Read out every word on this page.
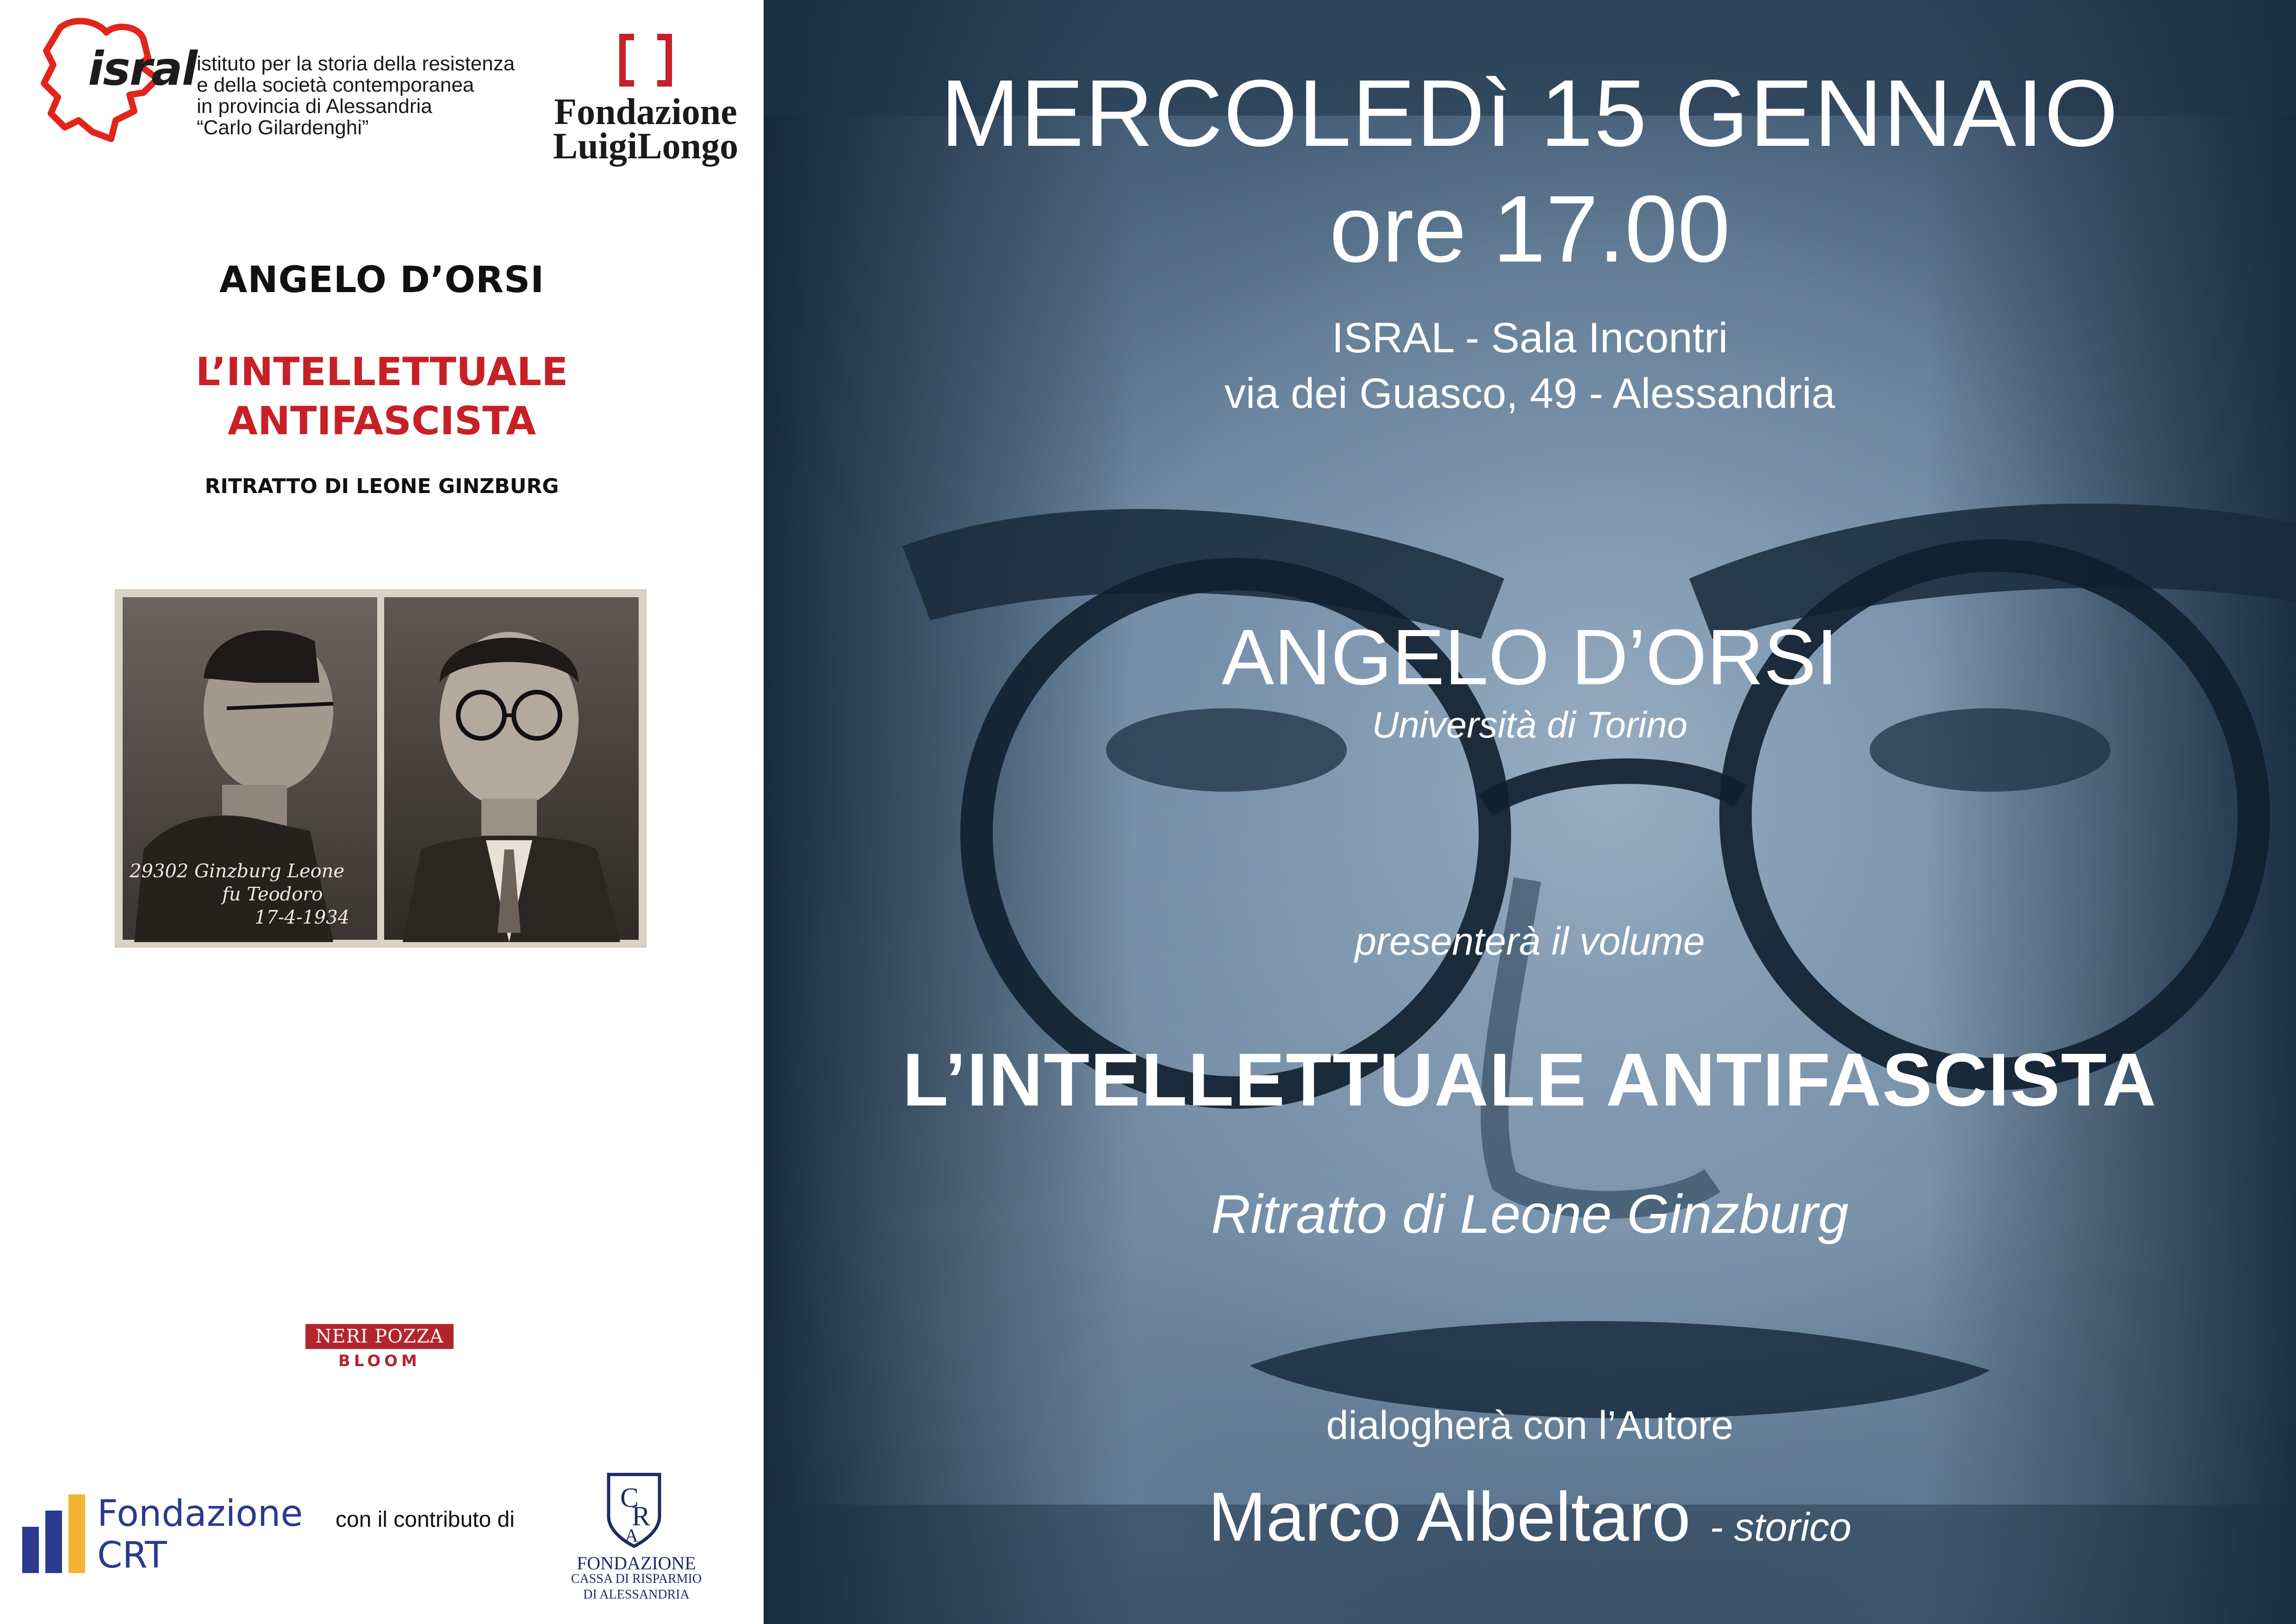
isral istituto per la storia della resistenza
e della società contemporanea
in provincia di Alessandria
“Carlo Gilardenghi”	Fondazione
LuigiLongo
ANGELO D’ORSI
L’INTELLETTUALE
ANTIFASCISTA
RITRATTO DI LEONE GINZBURG
29302 Ginzburg Leone
fu Teodoro
17-4-1934
NERI POZZA
BLOOM
Fondazione
CRT
con il contributo di
C
R
A
FONDAZIONE
CASSA DI RISPARMIO
DI ALESSANDRIA
MERCOLEDì 15 GENNAIO
ore 17.00
ISRAL - Sala Incontri
via dei Guasco, 49 - Alessandria
ANGELO D’ORSI
Università di Torino
presenterà il volume
L’INTELLETTUALE ANTIFASCISTA
Ritratto di Leone Ginzburg
dialogherà con l’Autore
Marco Albeltaro - storico
